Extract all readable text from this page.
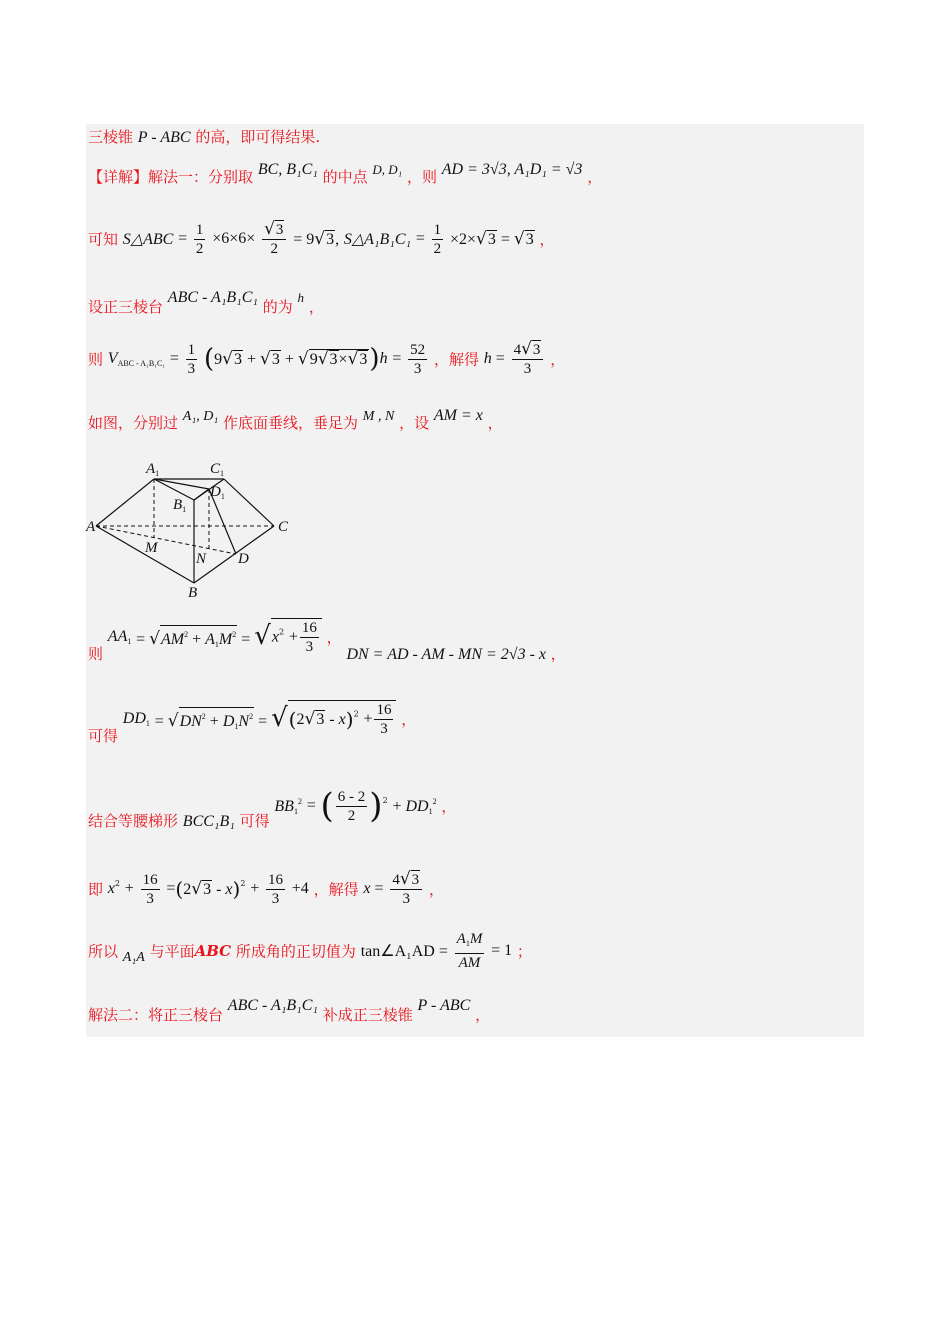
三棱锥 P - ABC 的高，即可得结果.
【详解】解法一：分别取 BC, B₁C₁ 的中点 D, D₁ ，则 AD = 3√3, A₁D₁ = √3 ，
可知 S△ABC = $\frac{1}{2} \times 6\times 6\times \frac{√3}{2} = 9√3$, S△A₁B₁C₁ = $\frac{1}{2} \times 2\times√3 = √3$ ，
设正三棱台 ABC - A₁B₁C₁ 的为 h ，
则 $V_{ABC - A_1B_1C_1} = \frac{1}{3} (9√3 + √3 + √9√3\times√3)h = \frac{52}{3}$ ，解得 $h = \frac{4√3}{3}$ ，
如图，分别过 A₁, D₁ 作底面垂线，垂足为 M , N ，设 AM = x ，
A
B
C
$A_1$	$C_1$
$B_1$
$D_1$
D
M
N
则 $AA_1 = √AM^2 + A_1M^2 = √x^2 + \frac{16}{3}$ ， DN = AD - AM - MN = 2√3 - x ，
可得 $DD_1 = √DN^2 + D_1N^2 = √(2√3 - x)^2 + \frac{16}{3}$ ，
结合等腰梯形 BCC₁B₁ 可得 $BB_1^2$ = ( $\frac{6 - 2}{2} )^2 + DD_1^2$ ，
即 $x^2 + \frac{16}{3} =(2√3 - x)^2 + \frac{16}{3} +4$ ，解得 $x = \frac{4√3}{3}$ ，
所以 A₁A 与平面ABC 所成角的正切值为 tan∠A₁AD = $\frac{A_1M}{AM} = 1$ ；
解法二：将正三棱台 ABC - A₁B₁C₁ 补成正三棱锥 P - ABC ，
